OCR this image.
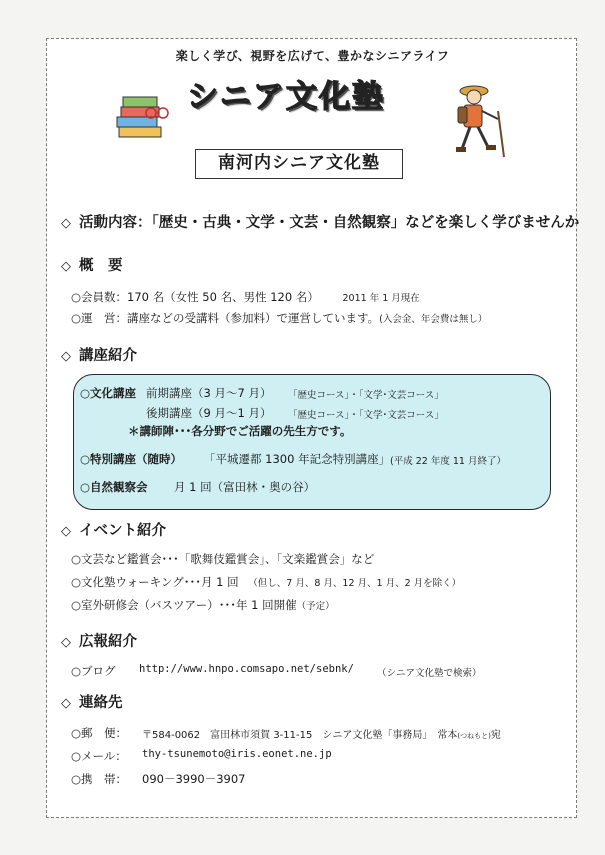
楽しく学び、視野を広げて、豊かなシニアライフ
シニア文化塾
南河内シニア文化塾
◇ 活動内容：「歴史・古典・文学・文芸・自然観察」などを楽しく学びませんか
◇ 概　要
○会員数：170 名（女性 50 名、男性 120 名） 2011 年 1 月現在
○運　営：講座などの受講料（参加料）で運営しています。(入会金、年会費は無し）
◇ 講座紹介
○文化講座 前期講座（3 月～7 月） 「歴史コース」・「文学･文芸コース」
後期講座（9 月～1 月） 「歴史コース」・「文学･文芸コース」
＊講師陣･･･各分野でご活躍の先生方です。
○特別講座（随時） 「平城遷都 1300 年記念特別講座」 (平成 22 年度 11 月終了）
○自然観察会 月 1 回（富田林・奥の谷）
◇ イベント紹介
○文芸など鑑賞会･･･「歌舞伎鑑賞会」、「文楽鑑賞会」など
○文化塾ウォーキング･･･月 1 回 （但し、7 月、8 月、12 月、1 月、2 月を除く）
○室外研修会（バスツアー）･･･年 1 回開催（予定）
◇ 広報紹介
○ブログ http://www.hnpo.comsapo.net/sebnk/ （シニア文化塾で検索）
◇ 連絡先
○郵　便： 〒584-0062　富田林市須賀 3-11-15　シニア文化塾「事務局」　常本(つねもと)宛
○メール： thy-tsunemoto@iris.eonet.ne.jp
○携　帯： 090－3990－3907
